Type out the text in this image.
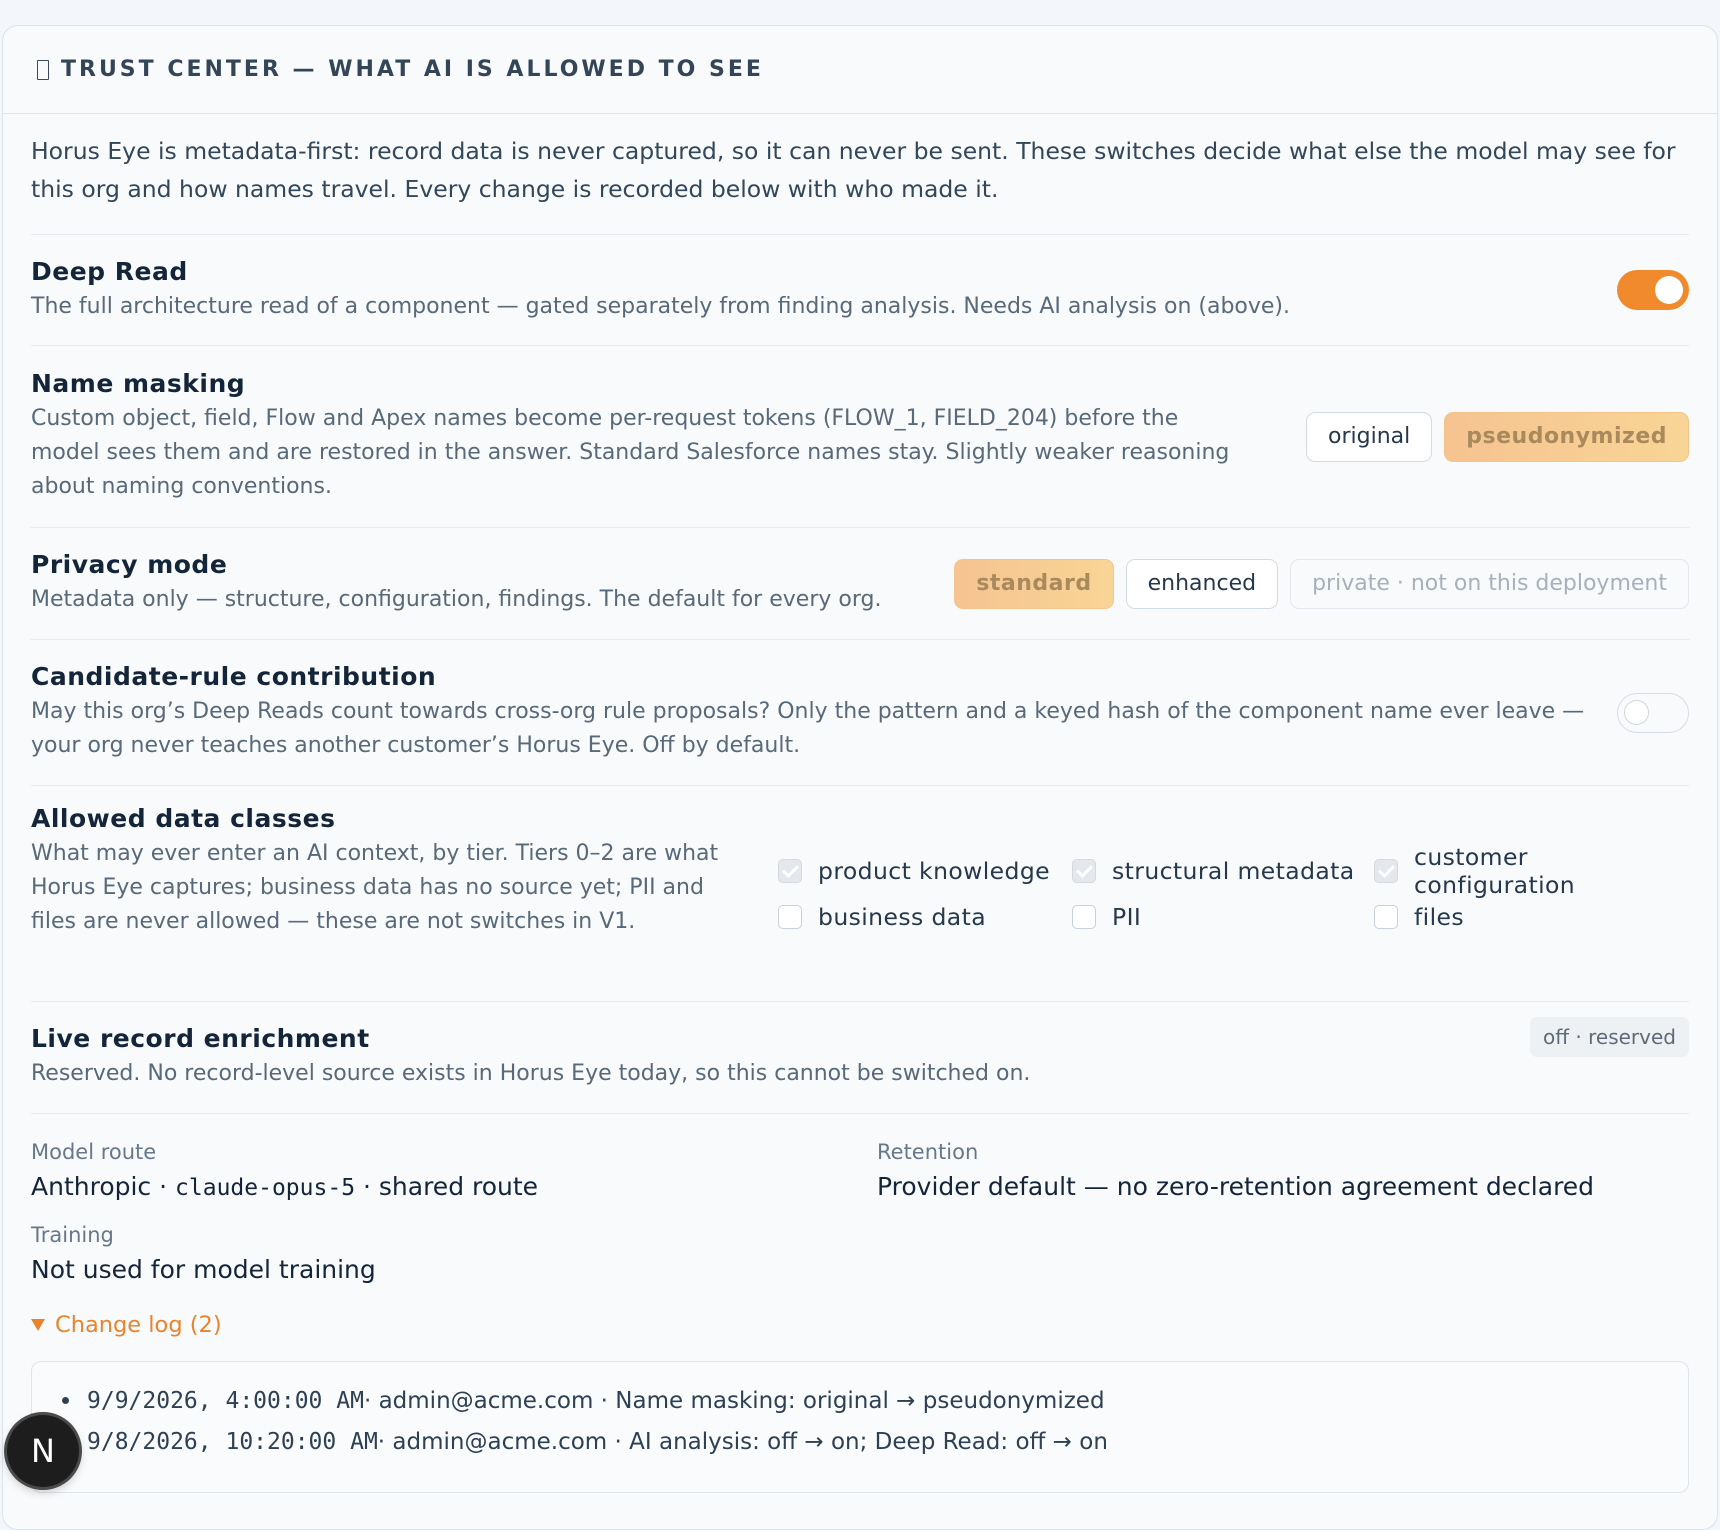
TRUST CENTER — WHAT AI IS ALLOWED TO SEE
Horus Eye is metadata-first: record data is never captured, so it can never be sent. These switches decide what else the model may see for this org and how names travel. Every change is recorded below with who made it.
Deep Read
The full architecture read of a component — gated separately from finding analysis. Needs AI analysis on (above).
Name masking
Custom object, field, Flow and Apex names become per-request tokens (FLOW_1, FIELD_204) before the model sees them and are restored in the answer. Standard Salesforce names stay. Slightly weaker reasoning about naming conventions.
original	pseudonymized
Privacy mode
Metadata only — structure, configuration, findings. The default for every org.
standard	enhanced	private · not on this deployment
Candidate-rule contribution
May this org’s Deep Reads count towards cross-org rule proposals? Only the pattern and a keyed hash of the component name ever leave — your org never teaches another customer’s Horus Eye. Off by default.
Allowed data classes
What may ever enter an AI context, by tier. Tiers 0–2 are what Horus Eye captures; business data has no source yet; PII and files are never allowed — these are not switches in V1.
product knowledge	structural metadata	customer configuration
business data	PII	files
Live record enrichment
Reserved. No record-level source exists in Horus Eye today, so this cannot be switched on.
off · reserved
Model route
Anthropic · claude-opus-5 · shared route
Retention
Provider default — no zero-retention agreement declared
Training
Not used for model training
Change log (2)
9/9/2026, 4:00:00 AM · admin@acme.com · Name masking: original → pseudonymized
9/8/2026, 10:20:00 AM · admin@acme.com · AI analysis: off → on; Deep Read: off → on
N
